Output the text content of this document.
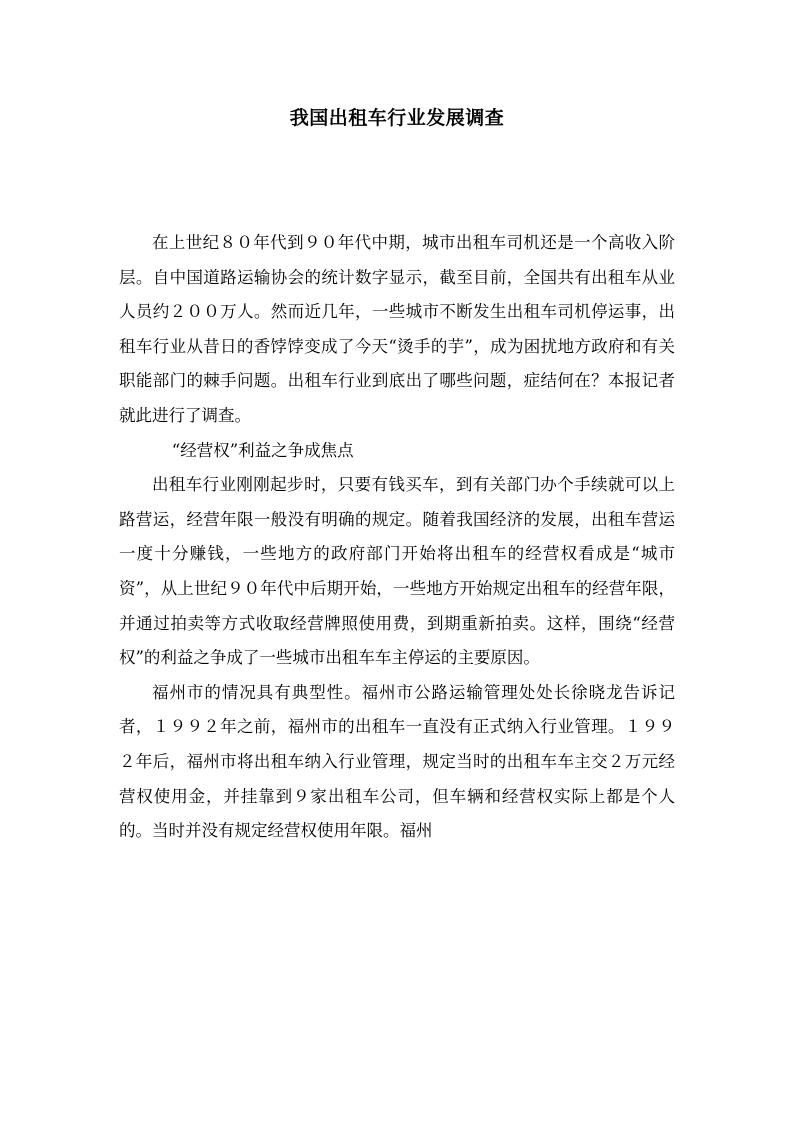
我国出租车行业发展调查

在上世纪８０年代到９０年代中期，城市出租车司机还是一个高收入阶层。自中国道路运输协会的统计数字显示，截至目前，全国共有出租车从业人员约２００万人。然而近几年，一些城市不断发生出租车司机停运事，出租车行业从昔日的香饽饽变成了今天“烫手的芋”，成为困扰地方政府和有关职能部门的棘手问题。出租车行业到底出了哪些问题，症结何在？本报记者就此进行了调查。

“经营权”利益之争成焦点

出租车行业刚刚起步时，只要有钱买车，到有关部门办个手续就可以上路营运，经营年限一般没有明确的规定。随着我国经济的发展，出租车营运一度十分赚钱，一些地方的政府部门开始将出租车的经营权看成是“城市资”，从上世纪９０年代中后期开始，一些地方开始规定出租车的经营年限，并通过拍卖等方式收取经营牌照使用费，到期重新拍卖。这样，围绕“经营权”的利益之争成了一些城市出租车车主停运的主要原因。

福州市的情况具有典型性。福州市公路运输管理处处长徐晓龙告诉记者，１９９２年之前，福州市的出租车一直没有正式纳入行业管理。１９９２年后，福州市将出租车纳入行业管理，规定当时的出租车车主交２万元经营权使用金，并挂靠到９家出租车公司，但车辆和经营权实际上都是个人的。当时并没有规定经营权使用年限。福州
